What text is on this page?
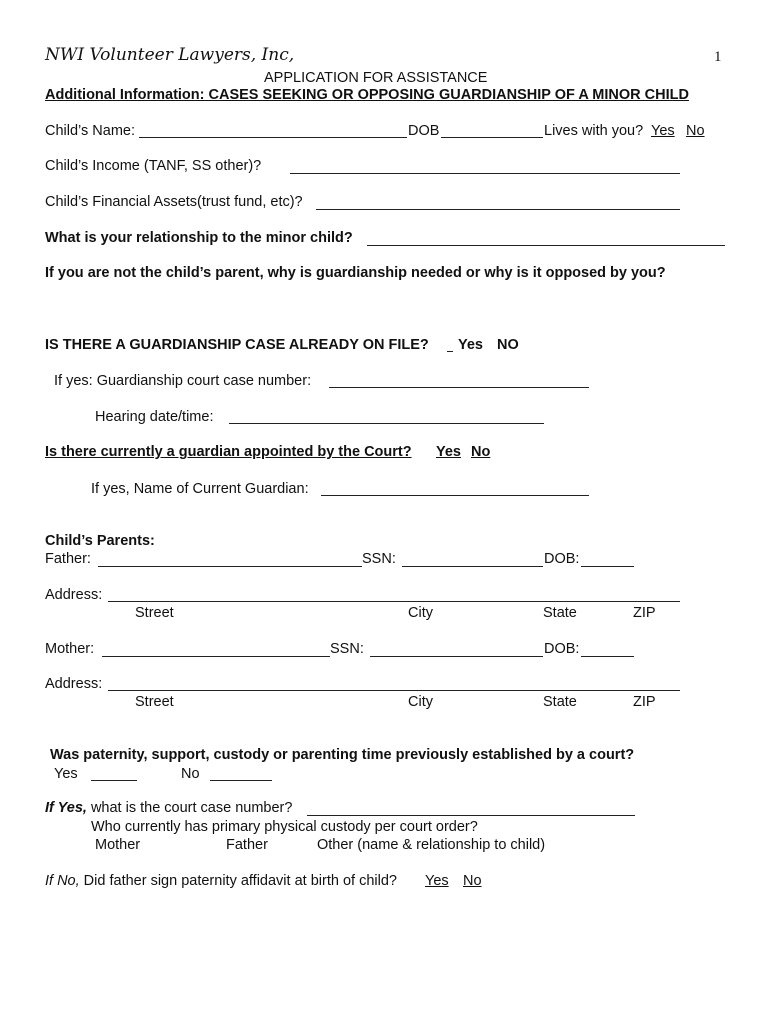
NWI Volunteer Lawyers, Inc,	1
APPLICATION FOR ASSISTANCE
Additional Information: CASES SEEKING OR OPPOSING GUARDIANSHIP OF A MINOR CHILD
Child’s Name:	DOB	Lives with you? Yes No
Child’s Income (TANF, SS other)?
Child’s Financial Assets(trust fund, etc)?
What is your relationship to the minor child?
If you are not the child’s parent, why is guardianship needed or why is it opposed by you?
IS THERE A GUARDIANSHIP CASE ALREADY ON FILE? Yes NO
If yes: Guardianship court case number:
Hearing date/time:
Is there currently a guardian appointed by the Court? Yes No
If yes, Name of Current Guardian:
Child’s Parents:
Father:	SSN:	DOB:
Address:
Street	City	State	ZIP
Mother:	SSN:	DOB:
Address:
Street	City	State	ZIP
Was paternity, support, custody or parenting time previously established by a court?
Yes	No
If Yes, what is the court case number?
Who currently has primary physical custody per court order?
Mother	Father	Other (name & relationship to child)
If No, Did father sign paternity affidavit at birth of child? Yes No
